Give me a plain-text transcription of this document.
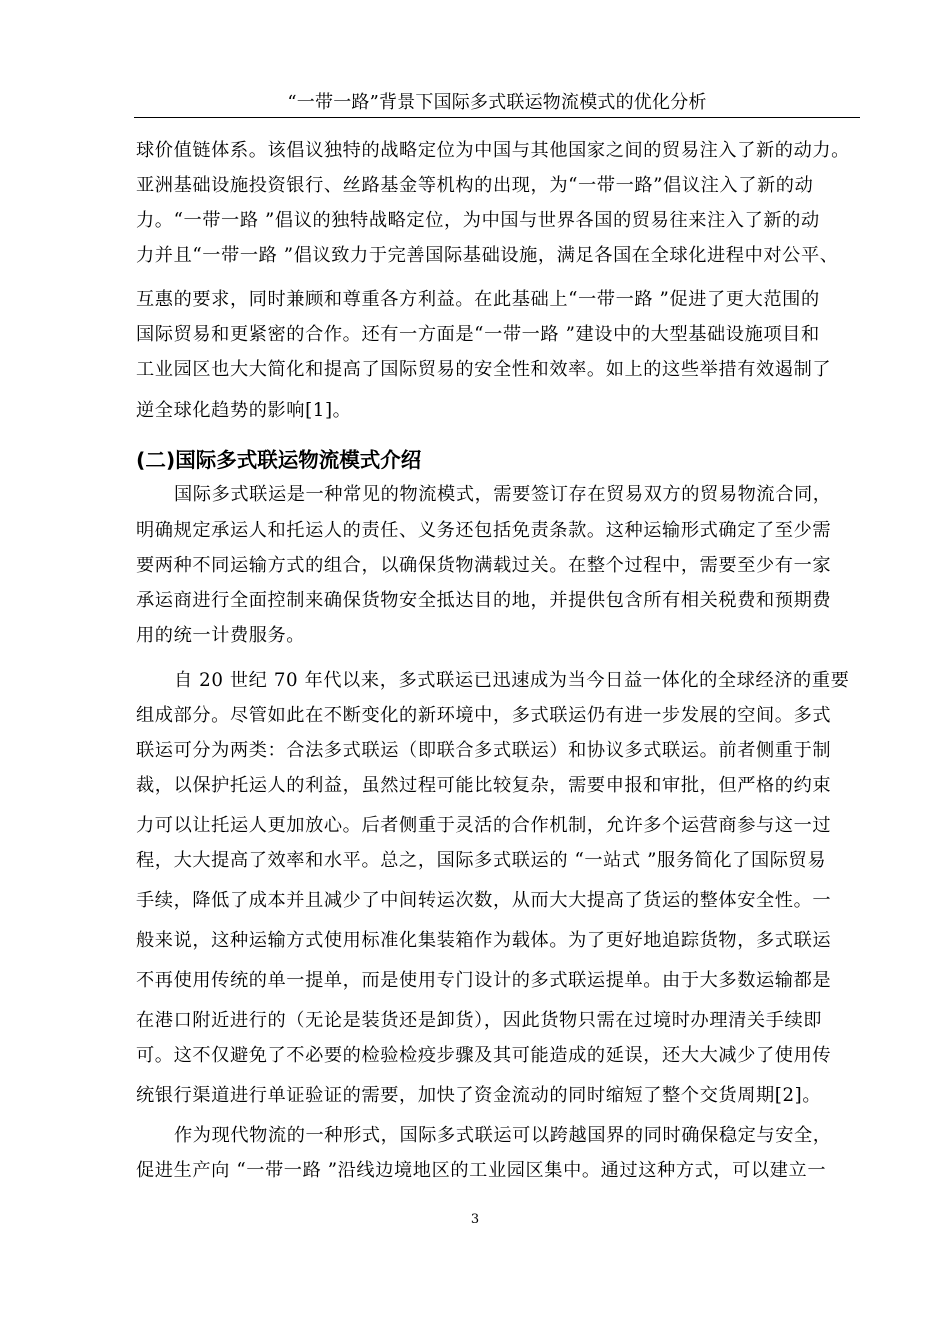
“一带一路”背景下国际多式联运物流模式的优化分析
球价值链体系。该倡议独特的战略定位为中国与其他国家之间的贸易注入了新的动力。
亚洲基础设施投资银行、丝路基金等机构的出现，为“一带一路”倡议注入了新的动
力。“一带一路 ”倡议的独特战略定位，为中国与世界各国的贸易往来注入了新的动
力并且“一带一路 ”倡议致力于完善国际基础设施，满足各国在全球化进程中对公平、
互惠的要求，同时兼顾和尊重各方利益。在此基础上“一带一路 ”促进了更大范围的
国际贸易和更紧密的合作。还有一方面是“一带一路 ”建设中的大型基础设施项目和
工业园区也大大简化和提高了国际贸易的安全性和效率。如上的这些举措有效遏制了
逆全球化趋势的影响[1]。
(二)国际多式联运物流模式介绍
国际多式联运是一种常见的物流模式，需要签订存在贸易双方的贸易物流合同，
明确规定承运人和托运人的责任、义务还包括免责条款。这种运输形式确定了至少需
要两种不同运输方式的组合，以确保货物满载过关。在整个过程中，需要至少有一家
承运商进行全面控制来确保货物安全抵达目的地，并提供包含所有相关税费和预期费
用的统一计费服务。
自 20 世纪 70 年代以来，多式联运已迅速成为当今日益一体化的全球经济的重要
组成部分。尽管如此在不断变化的新环境中，多式联运仍有进一步发展的空间。多式
联运可分为两类：合法多式联运（即联合多式联运）和协议多式联运。前者侧重于制
裁，以保护托运人的利益，虽然过程可能比较复杂，需要申报和审批，但严格的约束
力可以让托运人更加放心。后者侧重于灵活的合作机制，允许多个运营商参与这一过
程，大大提高了效率和水平。总之，国际多式联运的 “一站式 ”服务简化了国际贸易
手续，降低了成本并且减少了中间转运次数，从而大大提高了货运的整体安全性。一
般来说，这种运输方式使用标准化集装箱作为载体。为了更好地追踪货物，多式联运
不再使用传统的单一提单，而是使用专门设计的多式联运提单。由于大多数运输都是
在港口附近进行的（无论是装货还是卸货），因此货物只需在过境时办理清关手续即
可。这不仅避免了不必要的检验检疫步骤及其可能造成的延误，还大大减少了使用传
统银行渠道进行单证验证的需要，加快了资金流动的同时缩短了整个交货周期[2]。
作为现代物流的一种形式，国际多式联运可以跨越国界的同时确保稳定与安全，
促进生产向 “一带一路 ”沿线边境地区的工业园区集中。通过这种方式，可以建立一
3
